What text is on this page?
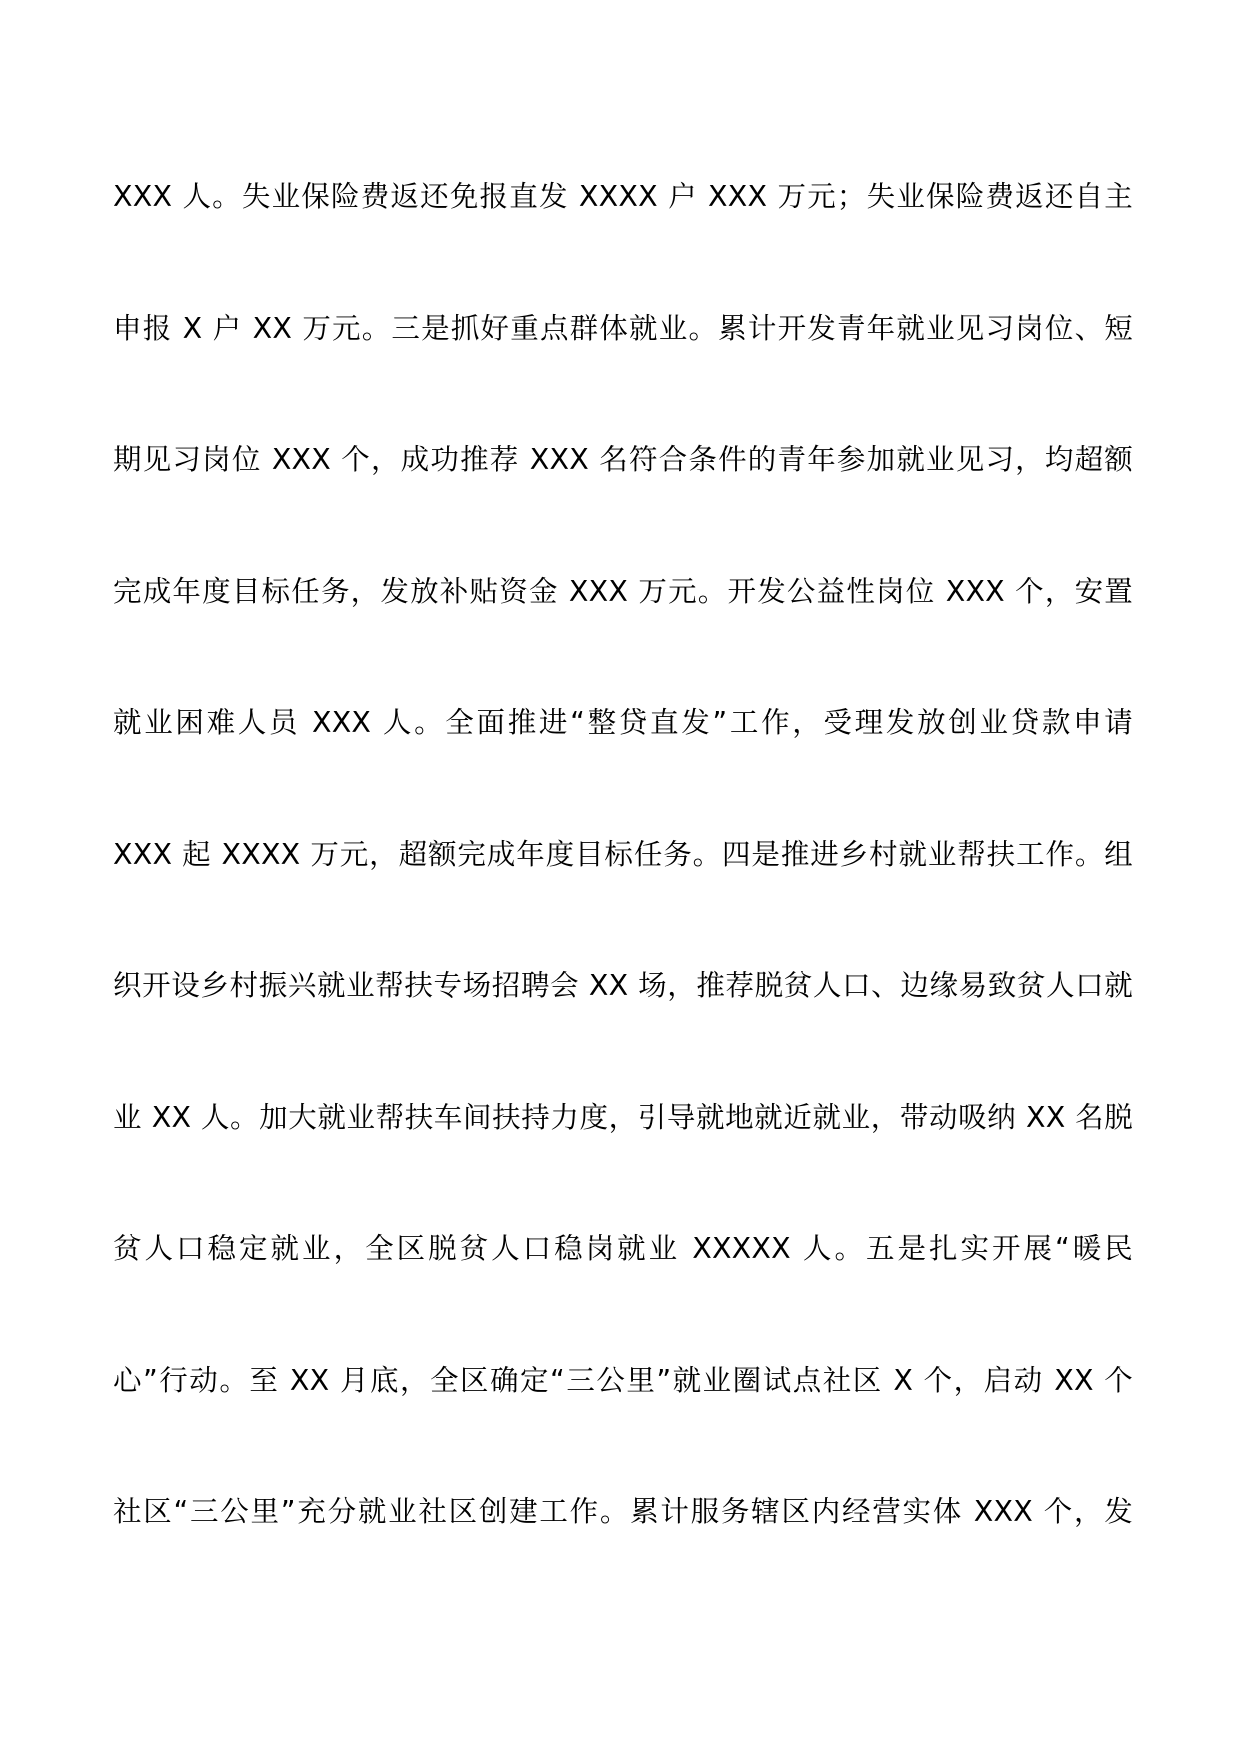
XXX 人。失业保险费返还免报直发 XXXX 户 XXX 万元；失业保险费返还自主
申报 X 户 XX 万元。三是抓好重点群体就业。累计开发青年就业见习岗位、短
期见习岗位 XXX 个，成功推荐 XXX 名符合条件的青年参加就业见习，均超额
完成年度目标任务，发放补贴资金 XXX 万元。开发公益性岗位 XXX 个，安置
就业困难人员 XXX 人。全面推进“整贷直发”工作，受理发放创业贷款申请
XXX 起 XXXX 万元，超额完成年度目标任务。四是推进乡村就业帮扶工作。组
织开设乡村振兴就业帮扶专场招聘会 XX 场，推荐脱贫人口、边缘易致贫人口就
业 XX 人。加大就业帮扶车间扶持力度，引导就地就近就业，带动吸纳 XX 名脱
贫人口稳定就业，全区脱贫人口稳岗就业 XXXXX 人。五是扎实开展“暖民
心”行动。至 XX 月底，全区确定“三公里”就业圈试点社区 X 个，启动 XX 个
社区“三公里”充分就业社区创建工作。累计服务辖区内经营实体 XXX 个，发
